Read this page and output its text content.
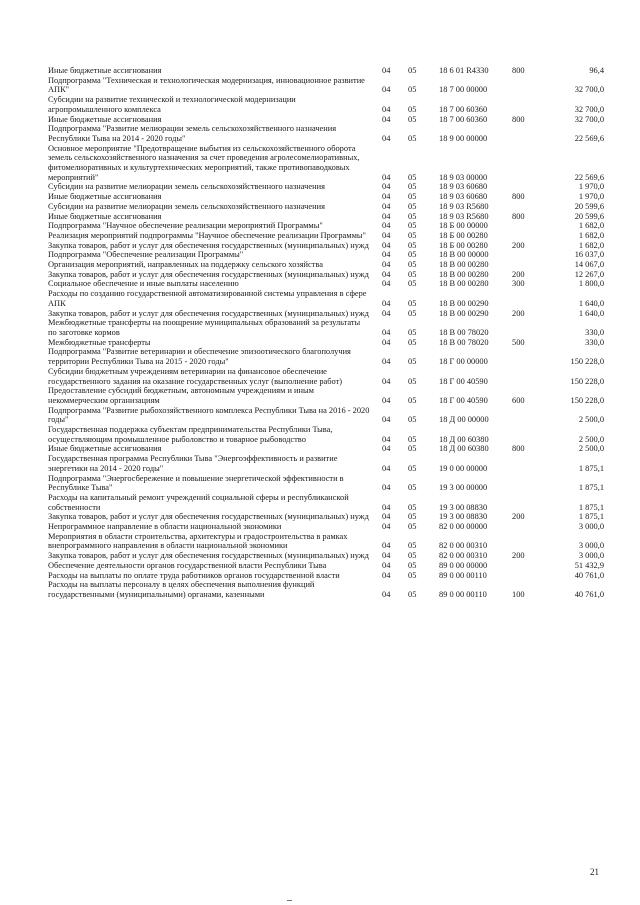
Иные бюджетные ассигнования	04 05	18 6 01 R4330	800	96,4
Подпрограмма "Техническая и технологическая модернизация, инновационное развитие АПК"	04 05	18 7 00 00000	32 700,0
Субсидии на развитие технической и технологической модернизации агропромышленного комплекса	04 05	18 7 00 60360	32 700,0
Иные бюджетные ассигнования	04 05	18 7 00 60360	800	32 700,0
Подпрограмма "Развитие мелиорации земель сельскохозяйственного назначения Республики Тыва на 2014 - 2020 годы"	04 05	18 9 00 00000	22 569,6
Основное мероприятие "Предотвращение выбытия из сельскохозяйственного оборота земель сельскохозяйственного назначения за счет проведения агролесомелиоративных, фитомелиоративных и культуртехнических мероприятий, также противопаводковых мероприятий"	04 05	18 9 03 00000	22 569,6
Субсидии на развитие мелиорации земель сельскохозяйственного назначения	04 05	18 9 03 60680	1 970,0
Иные бюджетные ассигнования	04 05	18 9 03 60680	800	1 970,0
Субсидии на развитие мелиорации земель сельскохозяйственного назначения	04 05	18 9 03 R5680	20 599,6
Иные бюджетные ассигнования	04 05	18 9 03 R5680	800	20 599,6
Подпрограмма "Научное обеспечение реализации мероприятий Программы"	04 05	18 Б 00 00000	1 682,0
Реализация мероприятий подпрограммы "Научное обеспечение реализации Программы"	04 05	18 Б 00 00280	1 682,0
Закупка товаров, работ и услуг для обеспечения государственных (муниципальных) нужд 04 05	18 Б 00 00280	200	1 682,0
Подпрограмма "Обеспечение реализации Программы"	04 05	18 В 00 00000	16 037,0
Организация мероприятий, направленных на поддержку сельского хозяйства	04 05	18 В 00 00280	14 067,0
Закупка товаров, работ и услуг для обеспечения государственных (муниципальных) нужд 04 05	18 В 00 00280	200	12 267,0
Социальное обеспечение и иные выплаты населению	04 05	18 В 00 00280	300	1 800,0
Расходы по созданию государственной автоматизированной системы управления в сфере АПК	04 05	18 В 00 00290	1 640,0
Закупка товаров, работ и услуг для обеспечения государственных (муниципальных) нужд 04 05	18 В 00 00290	200	1 640,0
Межбюджетные трансферты на поощрение муниципальных образований за результаты по заготовке кормов	04 05	18 В 00 78020	330,0
Межбюджетные трансферты	04 05	18 В 00 78020	500	330,0
Подпрограмма "Развитие ветеринарии и обеспечение эпизоотического благополучия территории Республики Тыва на 2015 - 2020 годы"	04 05	18 Г 00 00000	150 228,0
Субсидии бюджетным учреждениям ветеринарии на финансовое обеспечение государственного задания на оказание государственных услуг (выполнение работ)	04 05	18 Г 00 40590	150 228,0
Предоставление субсидий бюджетным, автономным учреждениям и иным некоммерческим организациям	04 05	18 Г 00 40590	600	150 228,0
Подпрограмма "Развитие рыбохозяйственного комплекса Республики Тыва на 2016 - 2020 годы"	04 05	18 Д 00 00000	2 500,0
Государственная поддержка субъектам предпринимательства Республики Тыва, осуществляющим промышленное рыболовство и товарное рыбоводство	04 05	18 Д 00 60380	2 500,0
Иные бюджетные ассигнования	04 05	18 Д 00 60380	800	2 500,0
Государственная программа Республики Тыва "Энергоэффективность и развитие энергетики на 2014 - 2020 годы"	04 05	19 0 00 00000	1 875,1
Подпрограмма "Энергосбережение и повышение энергетической эффективности в Республике Тыва"	04 05	19 3 00 00000	1 875,1
Расходы на капитальный ремонт учреждений социальной сферы и республиканской собственности	04 05	19 3 00 08830	1 875,1
Закупка товаров, работ и услуг для обеспечения государственных (муниципальных) нужд 04 05	19 3 00 08830	200	1 875,1
Непрограммное направление в области национальной экономики	04 05	82 0 00 00000	3 000,0
Мероприятия в области строительства, архитектуры и градостроительства в рамках внепрограммного направления в области национальной экономики	04 05	82 0 00 00310	3 000,0
Закупка товаров, работ и услуг для обеспечения государственных (муниципальных) нужд 04 05	82 0 00 00310	200	3 000,0
Обеспечение деятельности органов государственной власти Республики Тыва	04 05	89 0 00 00000	51 432,9
Расходы на выплаты по оплате труда работников органов государственной власти	04 05	89 0 00 00110	40 761,0
Расходы на выплаты персоналу в целях обеспечения выполнения функций государственными (муниципальными) органами, казенными	04 05	89 0 00 00110	100	40 761,0
21
